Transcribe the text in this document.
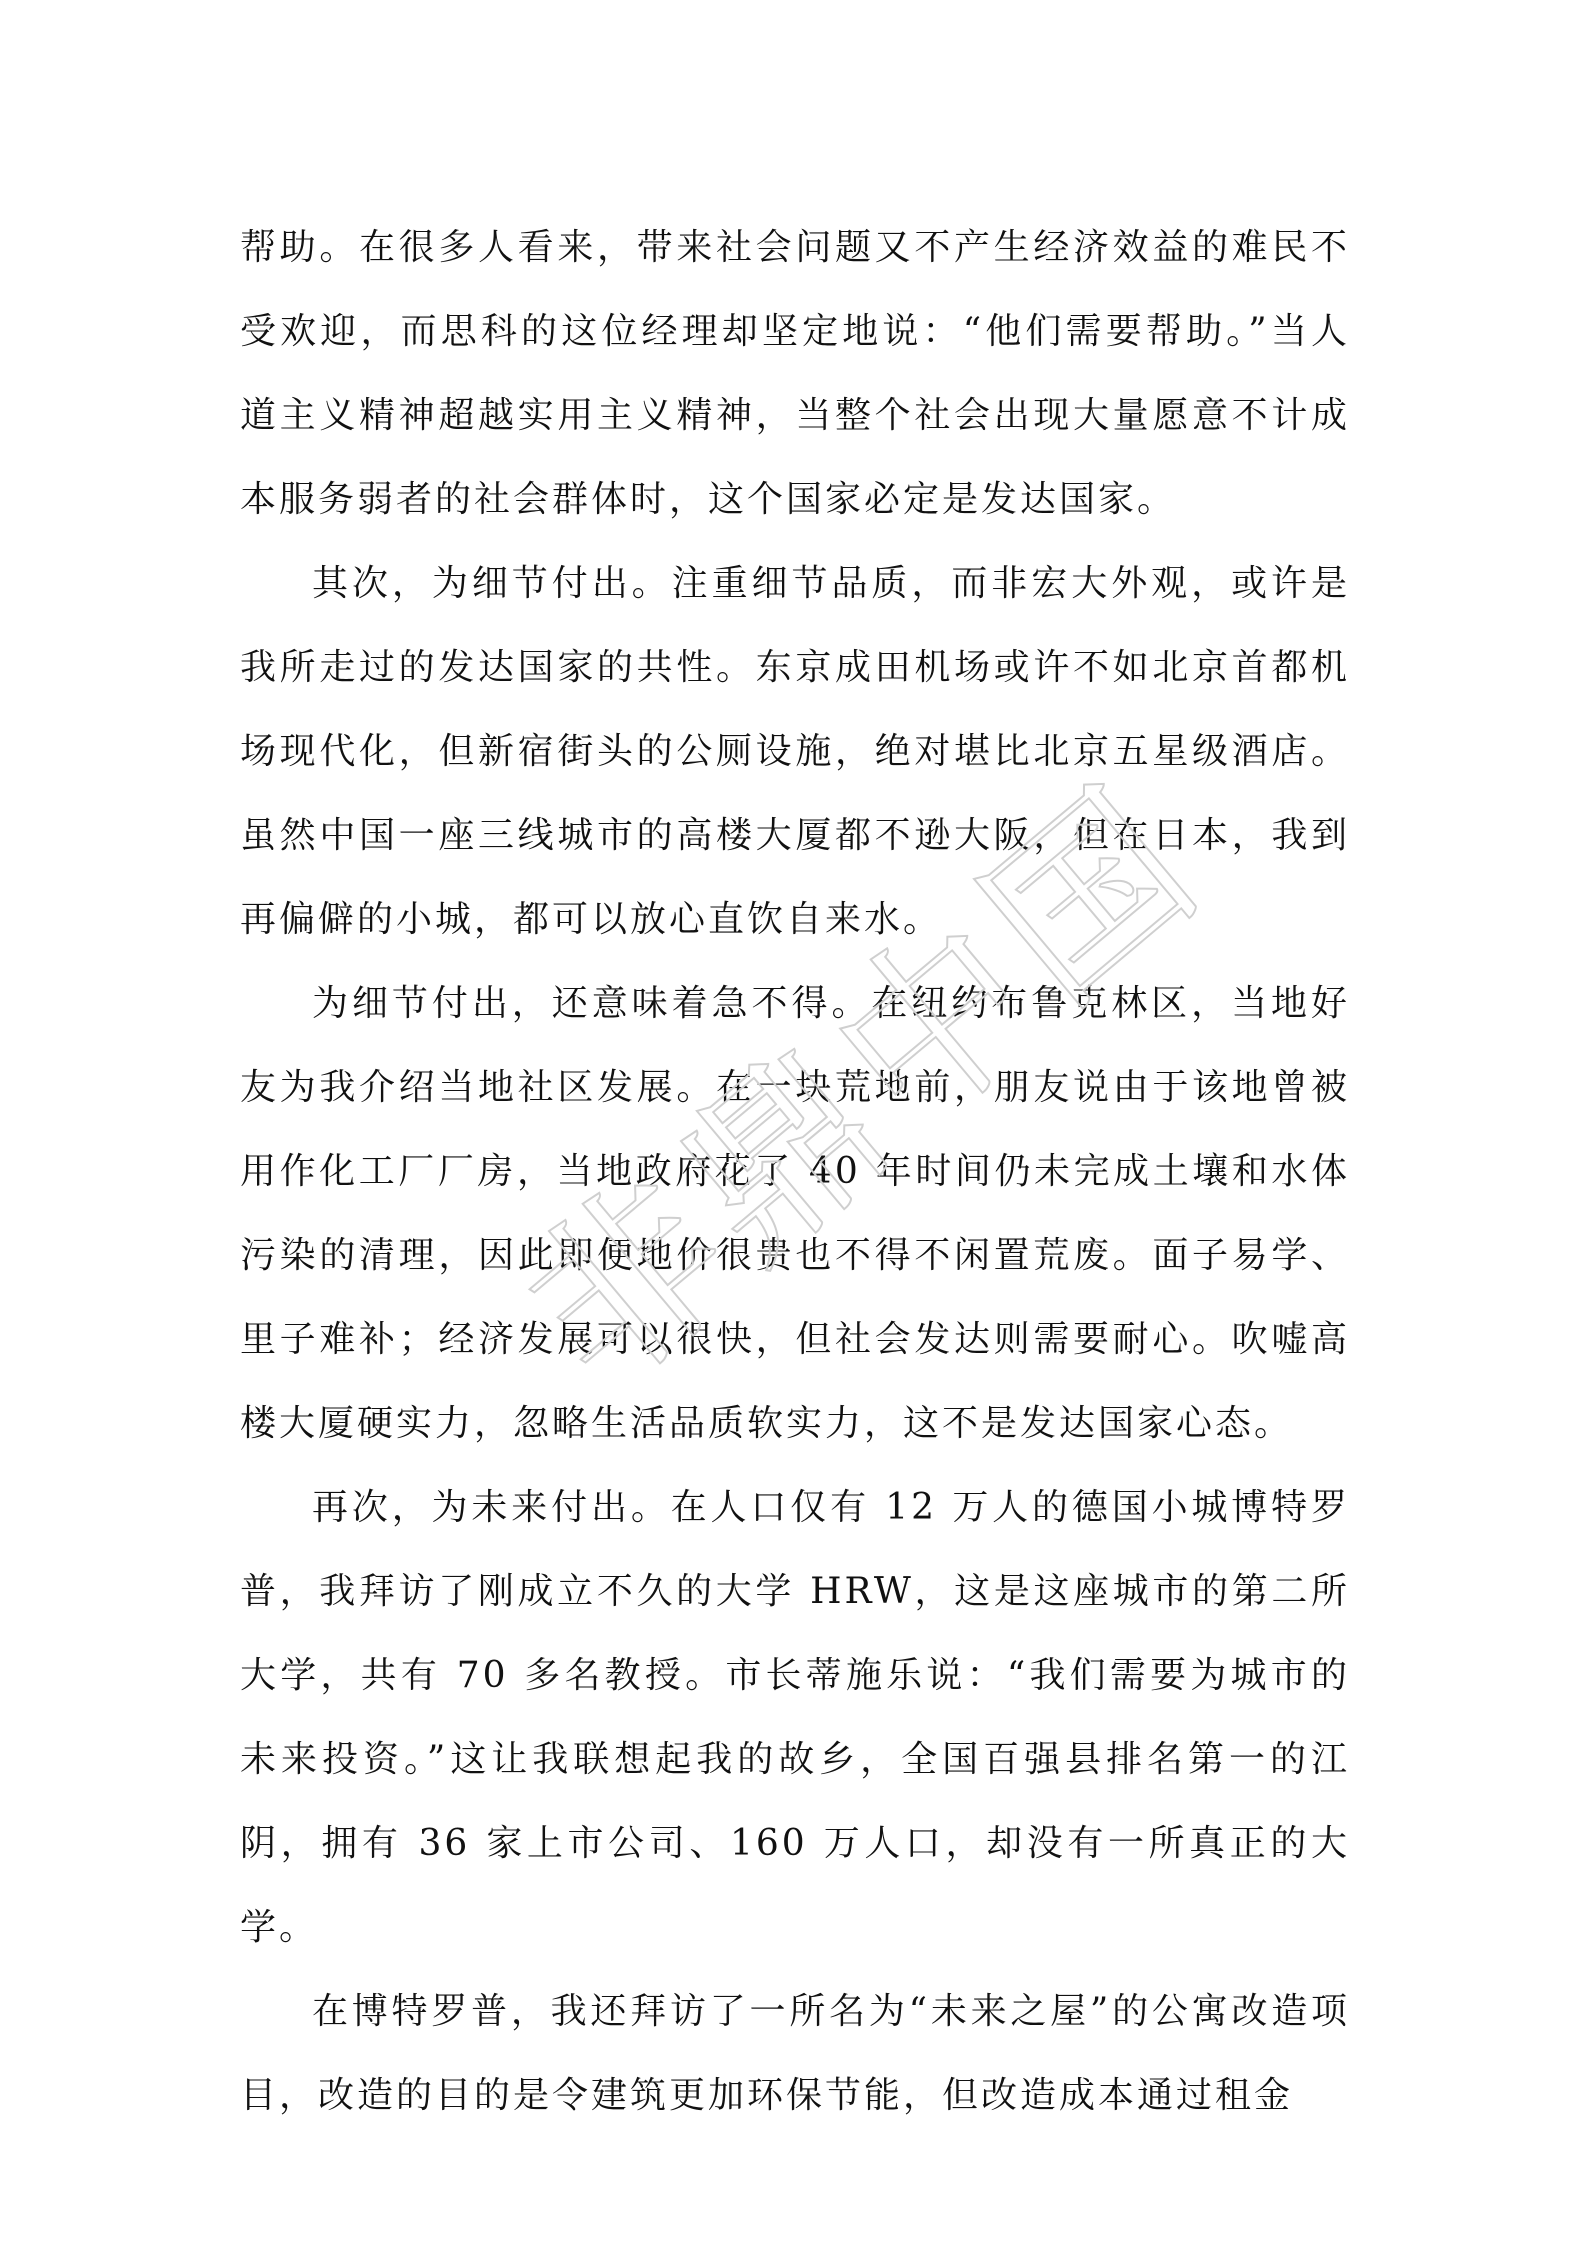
帮助。在很多人看来，带来社会问题又不产生经济效益的难民不受欢迎，而思科的这位经理却坚定地说：“他们需要帮助。”当人道主义精神超越实用主义精神，当整个社会出现大量愿意不计成本服务弱者的社会群体时，这个国家必定是发达国家。

其次，为细节付出。注重细节品质，而非宏大外观，或许是我所走过的发达国家的共性。东京成田机场或许不如北京首都机场现代化，但新宿街头的公厕设施，绝对堪比北京五星级酒店。虽然中国一座三线城市的高楼大厦都不逊大阪，但在日本，我到再偏僻的小城，都可以放心直饮自来水。

为细节付出，还意味着急不得。在纽约布鲁克林区，当地好友为我介绍当地社区发展。在一块荒地前，朋友说由于该地曾被用作化工厂厂房，当地政府花了 40 年时间仍未完成土壤和水体污染的清理，因此即便地价很贵也不得不闲置荒废。面子易学、里子难补；经济发展可以很快，但社会发达则需要耐心。吹嘘高楼大厦硬实力，忽略生活品质软实力，这不是发达国家心态。

再次，为未来付出。在人口仅有 12 万人的德国小城博特罗普，我拜访了刚成立不久的大学 HRW，这是这座城市的第二所大学，共有 70 多名教授。市长蒂施乐说：“我们需要为城市的未来投资。”这让我联想起我的故乡，全国百强县排名第一的江阴，拥有 36 家上市公司、160 万人口，却没有一所真正的大学。

在博特罗普，我还拜访了一所名为“未来之屋”的公寓改造项目，改造的目的是令建筑更加环保节能，但改造成本通过租金

非
鼎
中
国
